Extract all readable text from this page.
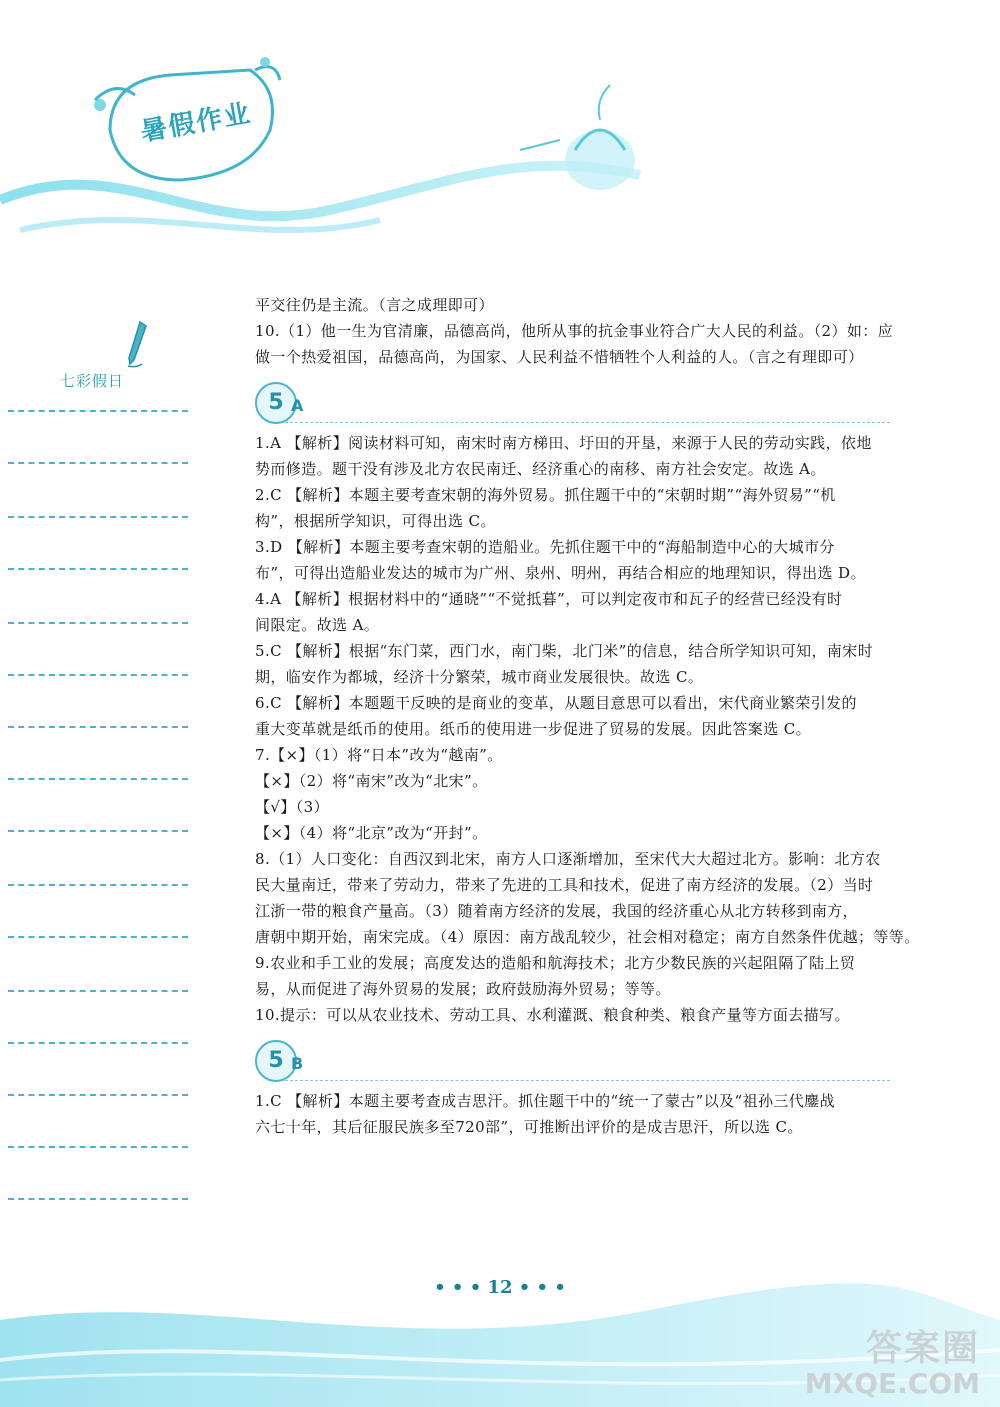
暑假作业
七彩假日
平交往仍是主流。（言之成理即可）
10.（1）他一生为官清廉，品德高尚，他所从事的抗金事业符合广大人民的利益。（2）如：应
做一个热爱祖国，品德高尚，为国家、人民利益不惜牺牲个人利益的人。（言之有理即可）
5 A
1.A 【解析】阅读材料可知，南宋时南方梯田、圩田的开垦，来源于人民的劳动实践，依地
势而修造。题干没有涉及北方农民南迁、经济重心的南移、南方社会安定。故选 A。
2.C 【解析】本题主要考查宋朝的海外贸易。抓住题干中的“宋朝时期”“海外贸易”“机
构”，根据所学知识，可得出选 C。
3.D 【解析】本题主要考查宋朝的造船业。先抓住题干中的“海船制造中心的大城市分
布”，可得出造船业发达的城市为广州、泉州、明州，再结合相应的地理知识，得出选 D。
4.A 【解析】根据材料中的“通晓”“不觉抵暮”，可以判定夜市和瓦子的经营已经没有时
间限定。故选 A。
5.C 【解析】根据“东门菜，西门水，南门柴，北门米”的信息，结合所学知识可知，南宋时
期，临安作为都城，经济十分繁荣，城市商业发展很快。故选 C。
6.C 【解析】本题题干反映的是商业的变革，从题目意思可以看出，宋代商业繁荣引发的
重大变革就是纸币的使用。纸币的使用进一步促进了贸易的发展。因此答案选 C。
7.【×】（1）将“日本”改为“越南”。
【×】（2）将“南宋”改为“北宋”。
【√】（3）
【×】（4）将“北京”改为“开封”。
8.（1）人口变化：自西汉到北宋，南方人口逐渐增加，至宋代大大超过北方。影响：北方农
民大量南迁，带来了劳动力，带来了先进的工具和技术，促进了南方经济的发展。（2）当时
江浙一带的粮食产量高。（3）随着南方经济的发展，我国的经济重心从北方转移到南方，
唐朝中期开始，南宋完成。（4）原因：南方战乱较少，社会相对稳定；南方自然条件优越；等等。
9.农业和手工业的发展；高度发达的造船和航海技术；北方少数民族的兴起阻隔了陆上贸
易，从而促进了海外贸易的发展；政府鼓励海外贸易；等等。
10.提示：可以从农业技术、劳动工具、水利灌溉、粮食种类、粮食产量等方面去描写。
5 B
1.C 【解析】本题主要考查成吉思汗。抓住题干中的“统一了蒙古”以及“祖孙三代鏖战
六七十年，其后征服民族多至720部”，可推断出评价的是成吉思汗，所以选 C。
• • • 12 • • •
答案圈
MXQE.COM
